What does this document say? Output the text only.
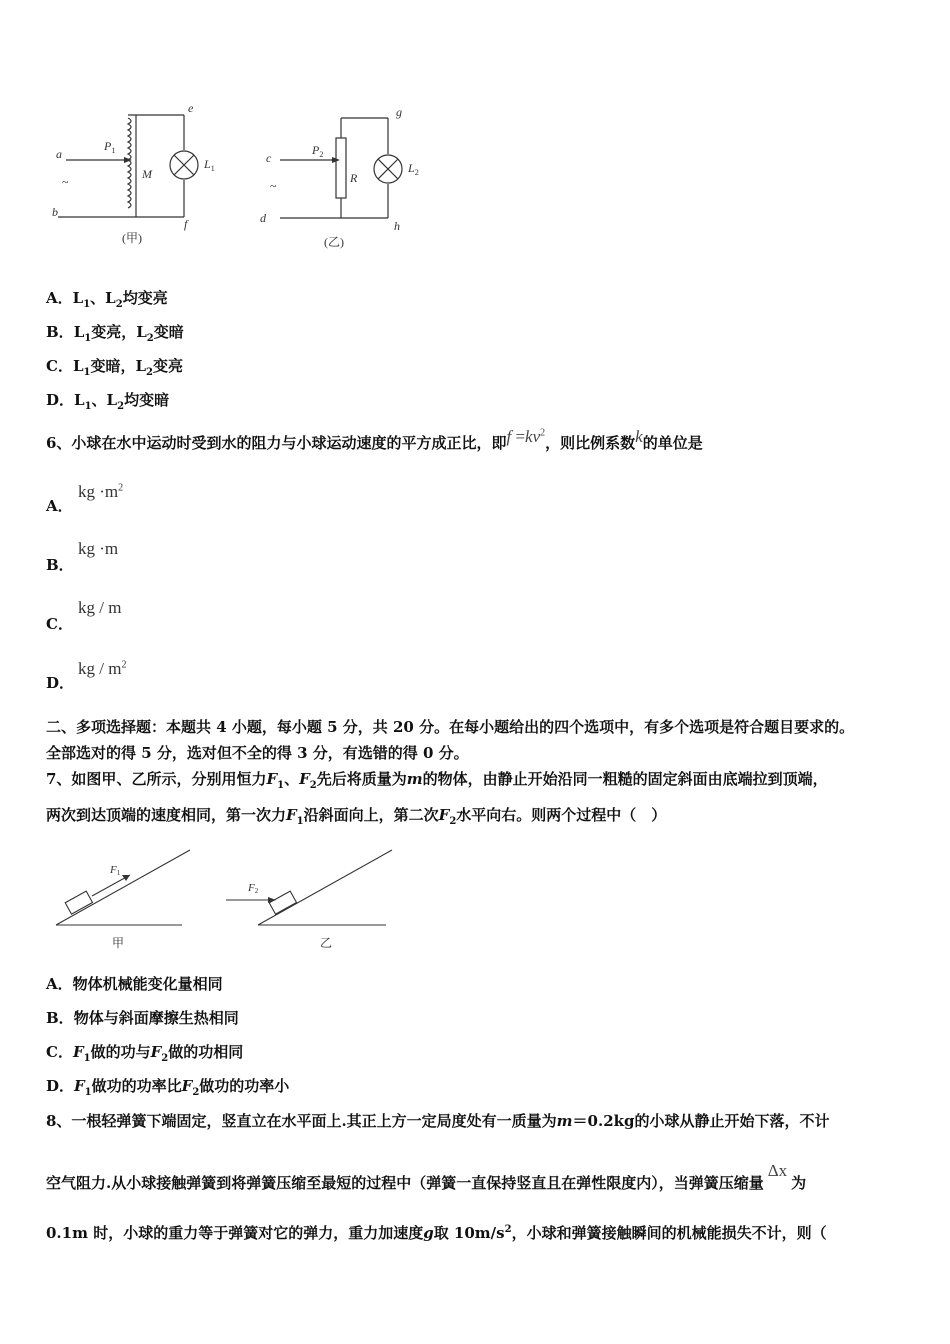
a
~
b
$P_1$
M
e
f
$L_1$
(甲)
c
~
d
$P_2$
R
g
h
$L_2$
(乙)
A．$L_1$、$L_2$均变亮
B．$L_1$变亮，$L_2$变暗
C．$L_1$变暗，$L_2$变亮
D．$L_1$、$L_2$均变暗
6、小球在水中运动时受到水的阻力与小球运动速度的平方成正比，即$f =kv^2$，则比例系数k的单位是
A．
kg $\cdot m^2$
B．
kg ·m
C．
kg / m
D．
kg / $m^2$
二、多项选择题：本题共 4 小题，每小题 5 分，共 20 分。在每小题给出的四个选项中，有多个选项是符合题目要求的。
全部选对的得 5 分，选对但不全的得 3 分，有选错的得 0 分。
7、如图甲、乙所示，分别用恒力$F_1$、$F_2$先后将质量为m的物体，由静止开始沿同一粗糙的固定斜面由底端拉到顶端，
两次到达顶端的速度相同，第一次力$F_1$沿斜面向上，第二次$F_2$水平向右。则两个过程中（　）
F1
F2
甲	乙
A．物体机械能变化量相同
B．物体与斜面摩擦生热相同
C．$F_1$做的功与$F_2$做的功相同
D．$F_1$做功的功率比$F_2$做功的功率小
8、一根轻弹簧下端固定，竖直立在水平面上.其正上方一定局度处有一质量为m＝0.2kg的小球从静止开始下落，不计
空气阻力.从小球接触弹簧到将弹簧压缩至最短的过程中（弹簧一直保持竖直且在弹性限度内），当弹簧压缩量Δx为
0.1m 时，小球的重力等于弹簧对它的弹力，重力加速度g取 $10m/s^2$，小球和弹簧接触瞬间的机械能损失不计，则（
